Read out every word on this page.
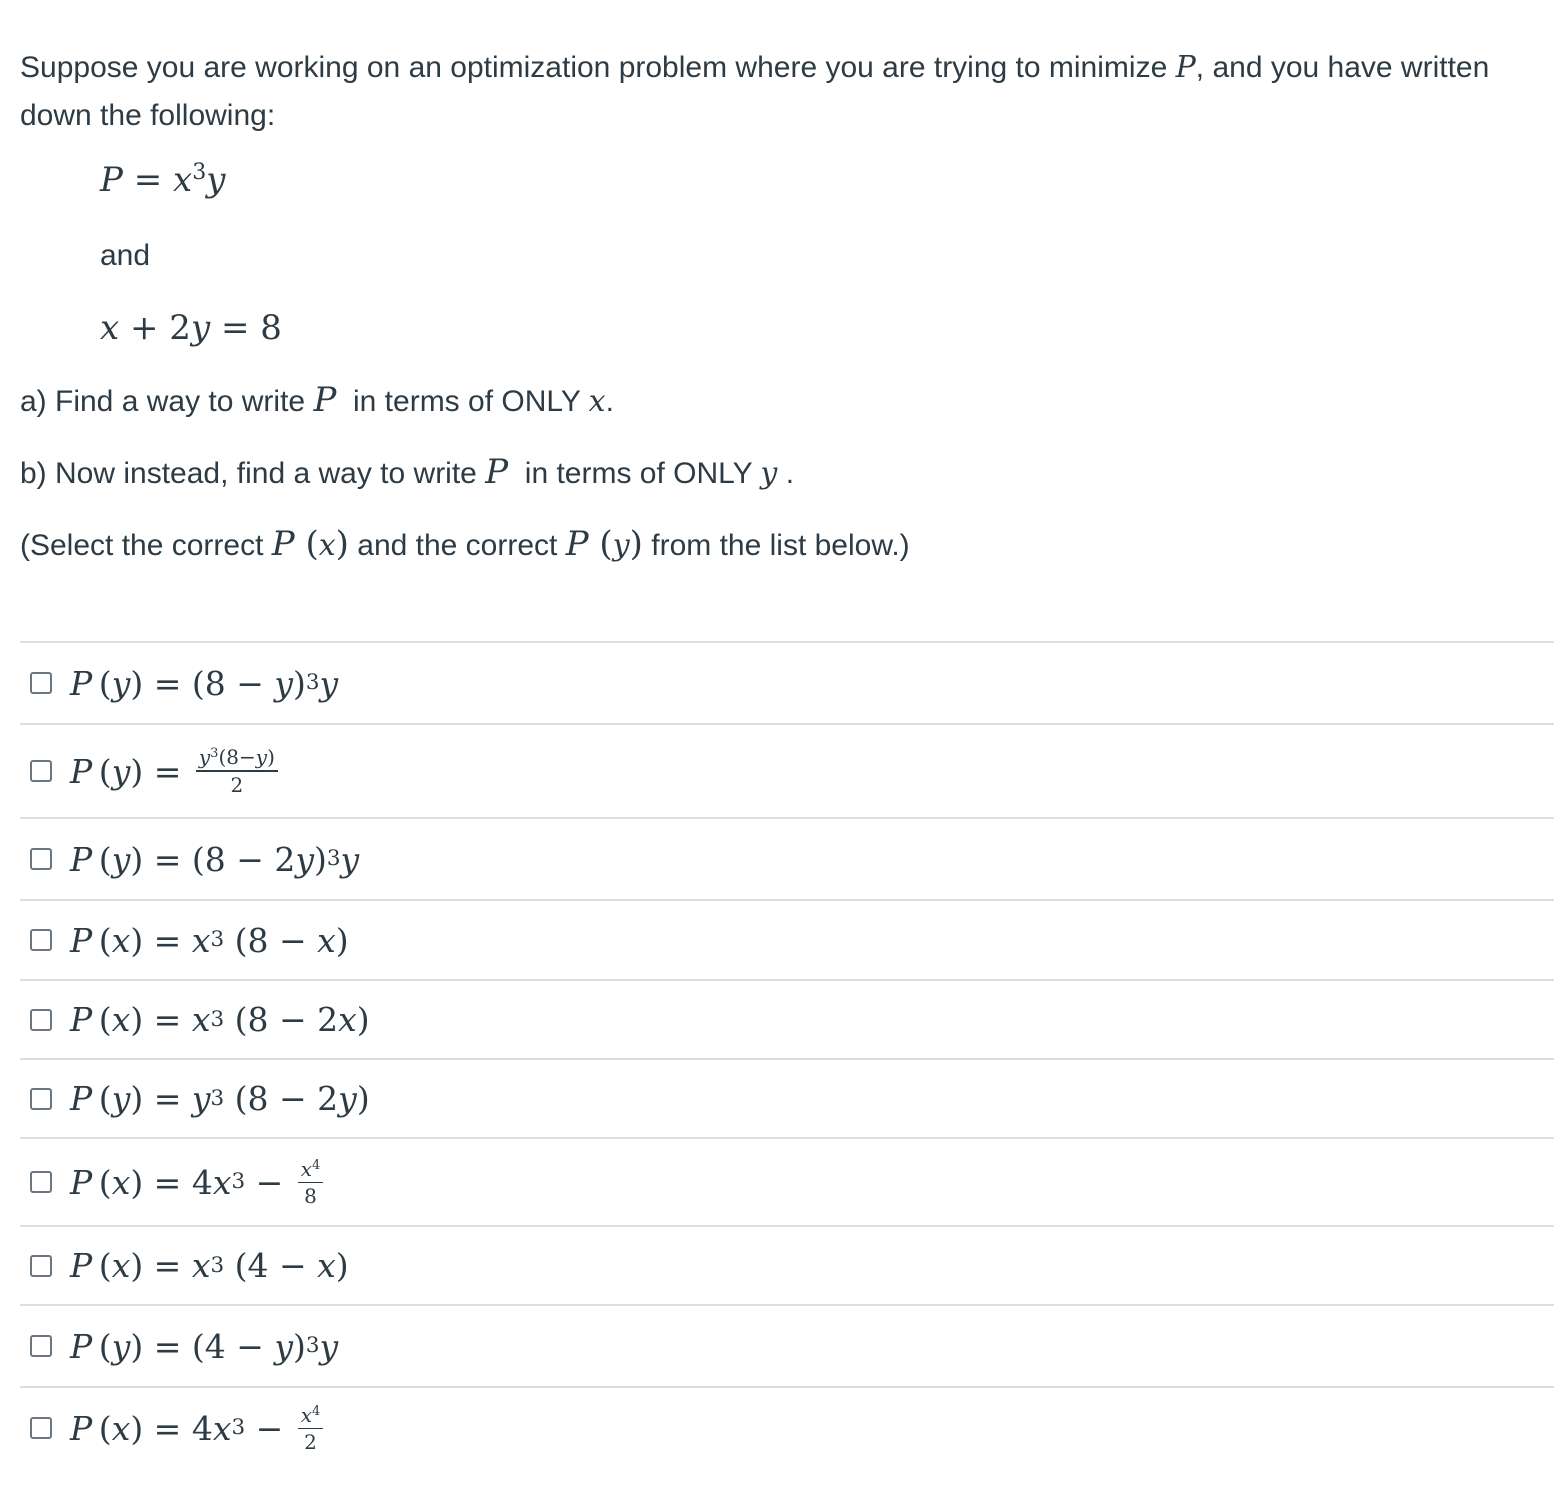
Suppose you are working on an optimization problem where you are trying to minimize P, and you have written down the following:
$P = x^3y$
and
x + 2y = 8
a) Find a way to write P  in terms of ONLY x.
b) Now instead, find a way to write P  in terms of ONLY y .
(Select the correct P (x) and the correct P (y) from the list below.)
P  ( y ) = (8 − y ) 3 y
P  ( y ) = $\frac{y^3(8-y)}{2}$
P  ( y ) = (8 − 2 y ) 3 y
P  ( x ) = x 3 (8 − x )
P  ( x ) = x 3 (8 − 2 x )
P  ( y ) = y 3 (8 − 2 y )
P  ( x ) = 4 x $3 - \frac{x^4}{8}$
P  ( x ) = x 3 (4 − x )
P  ( y ) = (4 − y ) 3 y
P  ( x ) = 4 x $3 - \frac{x^4}{2}$
